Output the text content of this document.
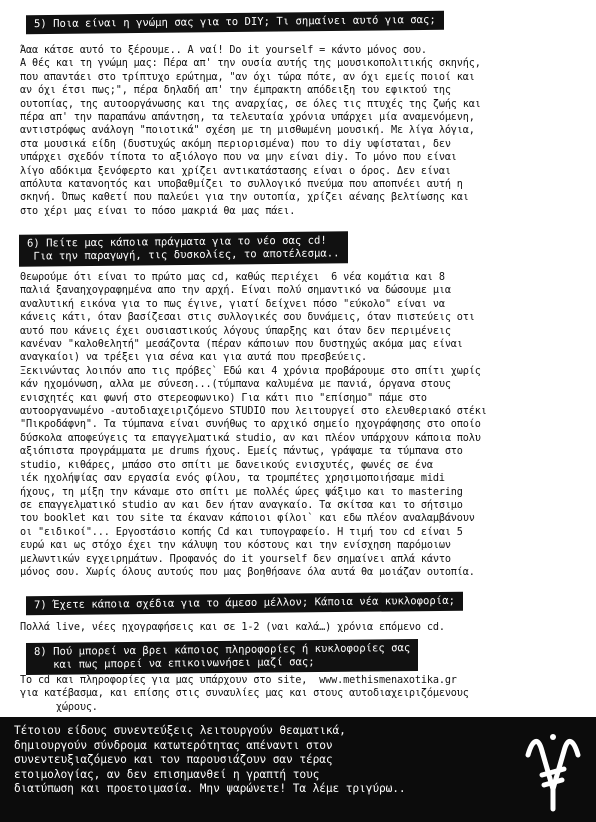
5) Ποια είναι η γνώμη σας για το DIY; Τι σημαίνει αυτό για σας;
Άαα κάτσε αυτό το ξέρουμε.. Α ναί! Do it yourself = κάντο μόνος σου.
Α θές και τη γνώμη μας: Πέρα απ' την ουσία αυτής της μουσικοπολιτικής σκηνής,
που απαντάει στο τρίπτυχο ερώτημα, "αν όχι τώρα πότε, αν όχι εμείς ποιοί και
αν όχι έτσι πως;", πέρα δηλαδή απ' την έμπρακτη απόδειξη του εφικτού της
ουτοπίας, της αυτοοργάνωσης και της αναρχίας, σε όλες τις πτυχές της ζωής και
πέρα απ' την παραπάνω απάντηση, τα τελευταία χρόνια υπάρχει μία αναμενόμενη,
αντιστρόφως ανάλογη "ποιοτικά" σχέση με τη μισθωμένη μουσική. Με λίγα λόγια,
στα μουσικά είδη (δυστυχώς ακόμη περιορισμένα) που το diy υφίσταται, δεν
υπάρχει σχεδόν τίποτα το αξιόλογο που να μην είναι diy. Το μόνο που είναι
λίγο αδόκιμα ξενόφερτο και χρίζει αντικατάστασης είναι ο όρος. Δεν είναι
απόλυτα κατανοητός και υποβαθμίζει το συλλογικό πνεύμα που αποπνέει αυτή η
σκηνή. Όπως καθετί που παλεύει για την ουτοπία, χρίζει αέναης βελτίωσης και
στο χέρι μας είναι το πόσο μακριά θα μας πάει.
6) Πείτε μας κάποια πράγματα για το νέο σας cd!
Για την παραγωγή, τις δυσκολίες, το αποτέλεσμα..
Θεωρούμε ότι είναι το πρώτο μας cd, καθώς περιέχει  6 νέα κομάτια και 8
παλιά ξαναηχογραφημένα απο την αρχή. Είναι πολύ σημαντικό να δώσουμε μια
αναλυτική εικόνα για το πως έγινε, γιατί δείχνει πόσο "εύκολο" είναι να
κάνεις κάτι, όταν βασίζεσαι στις συλλογικές σου δυνάμεις, όταν πιστεύεις οτι
αυτό που κάνεις έχει ουσιαστικούς λόγους ύπαρξης και όταν δεν περιμένεις
κανέναν "καλοθελητή" μεσάζοντα (πέραν κάποιων που δυστηχώς ακόμα μας είναι
αναγκαίοι) να τρέξει για σένα και για αυτά που πρεσβεύεις.
Ξεκινώντας λοιπόν απο τις πρόβες` Εδώ και 4 χρόνια προβάρουμε στο σπίτι χωρίς
κάν ηχομόνωση, αλλα με σύνεση...(τύμπανα καλυμένα με πανιά, όργανα στους
ενισχητές και φωνή στο στερεοφωνικο) Για κάτι πιο "επίσημο" πάμε στο
αυτοοργανωμένο -αυτοδιαχειριζόμενο STUDIO που λειτουργεί στο ελευθεριακό στέκι
"Πικροδάφνη". Τα τύμπανα είναι συνήθως το αρχικό σημείο ηχογράφησης στο οποίο
δύσκολα αποφεύγεις τα επαγγελματικά studio, αν και πλέον υπάρχουν κάποια πολυ
αξιόπιστα προγράμματα με drums ήχους. Εμείς πάντως, γράψαμε τα τύμπανα στο
studio, κιθάρες, μπάσο στο σπίτι με δανεικούς ενισχυτές, φωνές σε ένα
ιέκ ηχολήψίας σαν εργασία ενός φίλου, τα τρομπέτες χρησιμοποιήσαμε midi
ήχους, τη μίξη την κάναμε στο σπίτι με πολλές ώρες ψάξιμο και το mastering
σε επαγγελματικό studio αν και δεν ήταν αναγκαίο. Τα σκίτσα και το σήτσιμο
του booklet και του site τα έκαναν κάποιοι φίλοι` και εδω πλέον αναλαμβάνουν
οι "ειδικοί"... Εργοστάσιο κοπής Cd και τυπογραφείο. Η τιμή του cd είναι 5
ευρώ και ως στόχο έχει την κάλυψη του κόστους και την ενίσχηση παρόμοιων
μελωντικών εγχειρημάτων. Προφανός do it yourself δεν σημαίνει απλά κάντο
μόνος σου. Χωρίς όλους αυτούς που μας βοηθήσανε όλα αυτά θα μοιάζαν ουτοπία.
7) Έχετε κάποια σχέδια για το άμεσο μέλλον; Κάποια νέα κυκλοφορία;
Πολλά live, νέες ηχογραφήσεις και σε 1-2 (ναι καλά…) χρόνια επόμενο cd.
8) Πού μπορεί να βρει κάποιος πληροφορίες ή κυκλοφορίες σας
και πως μπορεί να επικοινωνήσει μαζί σας;
Το cd και πληροφορίες για μας υπάρχουν στο site,  www.methismenaxotika.gr
για κατέβασμα, και επίσης στις συναυλίες μας και στους αυτοδιαχειριζόμενους
χώρους.
Τέτοιου είδους συνεντεύξεις λειτουργούν θεαματικά,
δημιουργούν σύνδρομα κατωτερότητας απέναντι στον
συνεντευξιαζόμενο και τον παρουσιάζουν σαν τέρας
ετοιμολογίας, αν δεν επισημανθεί η γραπτή τους
διατύπωση και προετοιμασία. Μην ψαρώνετε! Τα λέμε τριγύρω..
